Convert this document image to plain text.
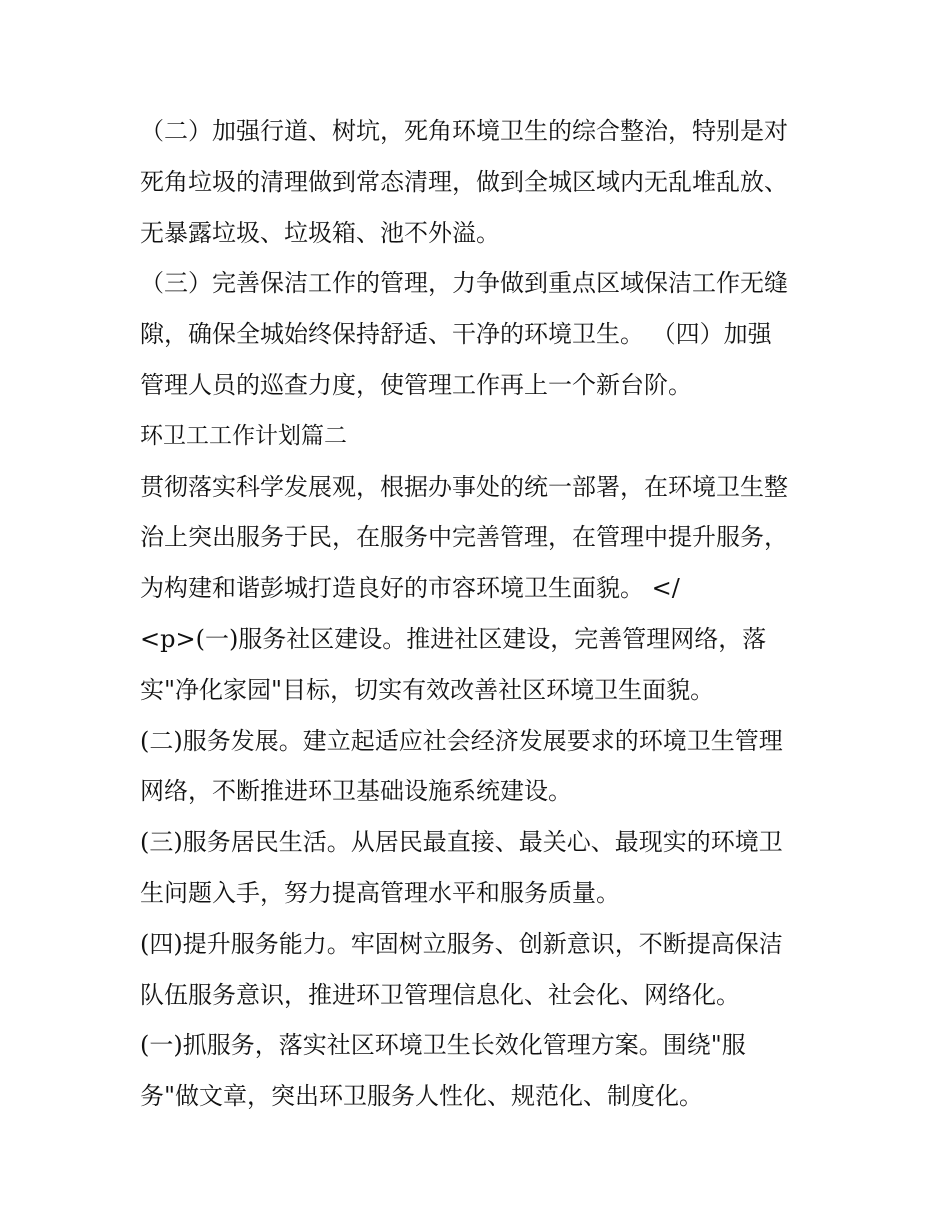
（二）加强行道、树坑，死角环境卫生的综合整治，特别是对
死角垃圾的清理做到常态清理，做到全城区域内无乱堆乱放、
无暴露垃圾、垃圾箱、池不外溢。
（三）完善保洁工作的管理，力争做到重点区域保洁工作无缝
隙，确保全城始终保持舒适、干净的环境卫生。 （四）加强
管理人员的巡查力度，使管理工作再上一个新台阶。
环卫工工作计划篇二
贯彻落实科学发展观，根据办事处的统一部署，在环境卫生整
治上突出服务于民，在服务中完善管理，在管理中提升服务，
为构建和谐彭城打造良好的市容环境卫生面貌。 </
<p>(一)服务社区建设。推进社区建设，完善管理网络，落
实"净化家园"目标，切实有效改善社区环境卫生面貌。
(二)服务发展。建立起适应社会经济发展要求的环境卫生管理
网络，不断推进环卫基础设施系统建设。
(三)服务居民生活。从居民最直接、最关心、最现实的环境卫
生问题入手，努力提高管理水平和服务质量。
(四)提升服务能力。牢固树立服务、创新意识，不断提高保洁
队伍服务意识，推进环卫管理信息化、社会化、网络化。
(一)抓服务，落实社区环境卫生长效化管理方案。围绕"服
务"做文章，突出环卫服务人性化、规范化、制度化。
